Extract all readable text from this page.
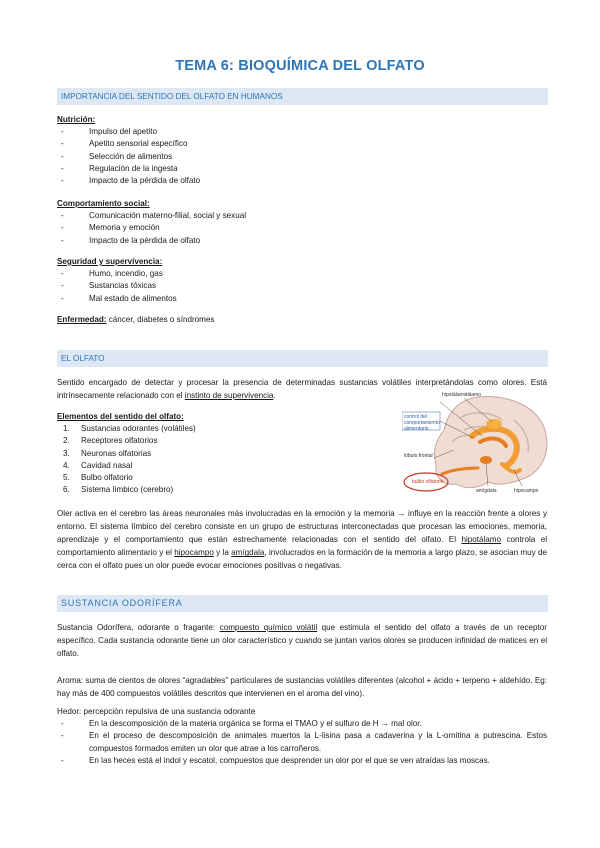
TEMA 6: BIOQUÍMICA DEL OLFATO
IMPORTANCIA DEL SENTIDO DEL OLFATO EN HUMANOS
Nutrición:
- Impulso del apetito
- Apetito sensorial específico
- Selección de alimentos
- Regulación de la ingesta
- Impacto de la pérdida de olfato
Comportamiento social:
- Comunicación materno-filial, social y sexual
- Memoria y emoción
- Impacto de la pérdida de olfato
Seguridad y supervivencia:
- Humo, incendio, gas
- Sustancias tóxicas
- Mal estado de alimentos
Enfermedad: cáncer, diabetes o síndromes
EL OLFATO
Sentido encargado de detectar y procesar la presencia de determinadas sustancias volátiles interpretándolas como olores. Está intrínsecamente relacionado con el instinto de supervivencia.
Elementos del sentido del olfato:
1. Sustancias odorantes (volátiles)
2. Receptores olfatorios
3. Neuronas olfatorias
4. Cavidad nasal
5. Bulbo olfatorio
6. Sistema límbico (cerebro)
hipotálamo tálamo
control del comportamiento alimentario
lóbulo frontal
bulbo olfatorio
amígdala	hipocampo
Oler activa en el cerebro las áreas neuronales más involucradas en la emoción y la memoria → influye en la reacción frente a olores y entorno. El sistema límbico del cerebro consiste en un grupo de estructuras interconectadas que procesan las emociones, memoria, aprendizaje y el comportamiento que están estrechamente relacionadas con el sentido del olfato. El hipotálamo controla el comportamiento alimentario y el hipocampo y la amígdala, involucrados en la formación de la memoria a largo plazo, se asocian muy de cerca con el olfato pues un olor puede evocar emociones positivas o negativas.
SUSTANCIA ODORÍFERA
Sustancia Odorífera, odorante o fragante: compuesto químico volátil que estimula el sentido del olfato a través de un receptor específico. Cada sustancia odorante tiene un olor característico y cuando se juntan varios olores se producen infinidad de matices en el olfato.
Aroma: suma de cientos de olores “agradables” particulares de sustancias volátiles diferentes (alcohol + ácido + terpeno + aldehído. Eg: hay más de 400 compuestos volátiles descritos que intervienen en el aroma del vino).
Hedor: percepción repulsiva de una sustancia odorante
- En la descomposición de la materia orgánica se forma el TMAO y el sulfuro de H → mal olor.
- En el proceso de descomposición de animales muertos la L-lisina pasa a cadaverina y la L-ornitina a putrescina. Estos compuestos formados emiten un olor que atrae a los carroñeros.
- En las heces está el indol y escatol, compuestos que desprender un olor por el que se ven atraídas las moscas.
